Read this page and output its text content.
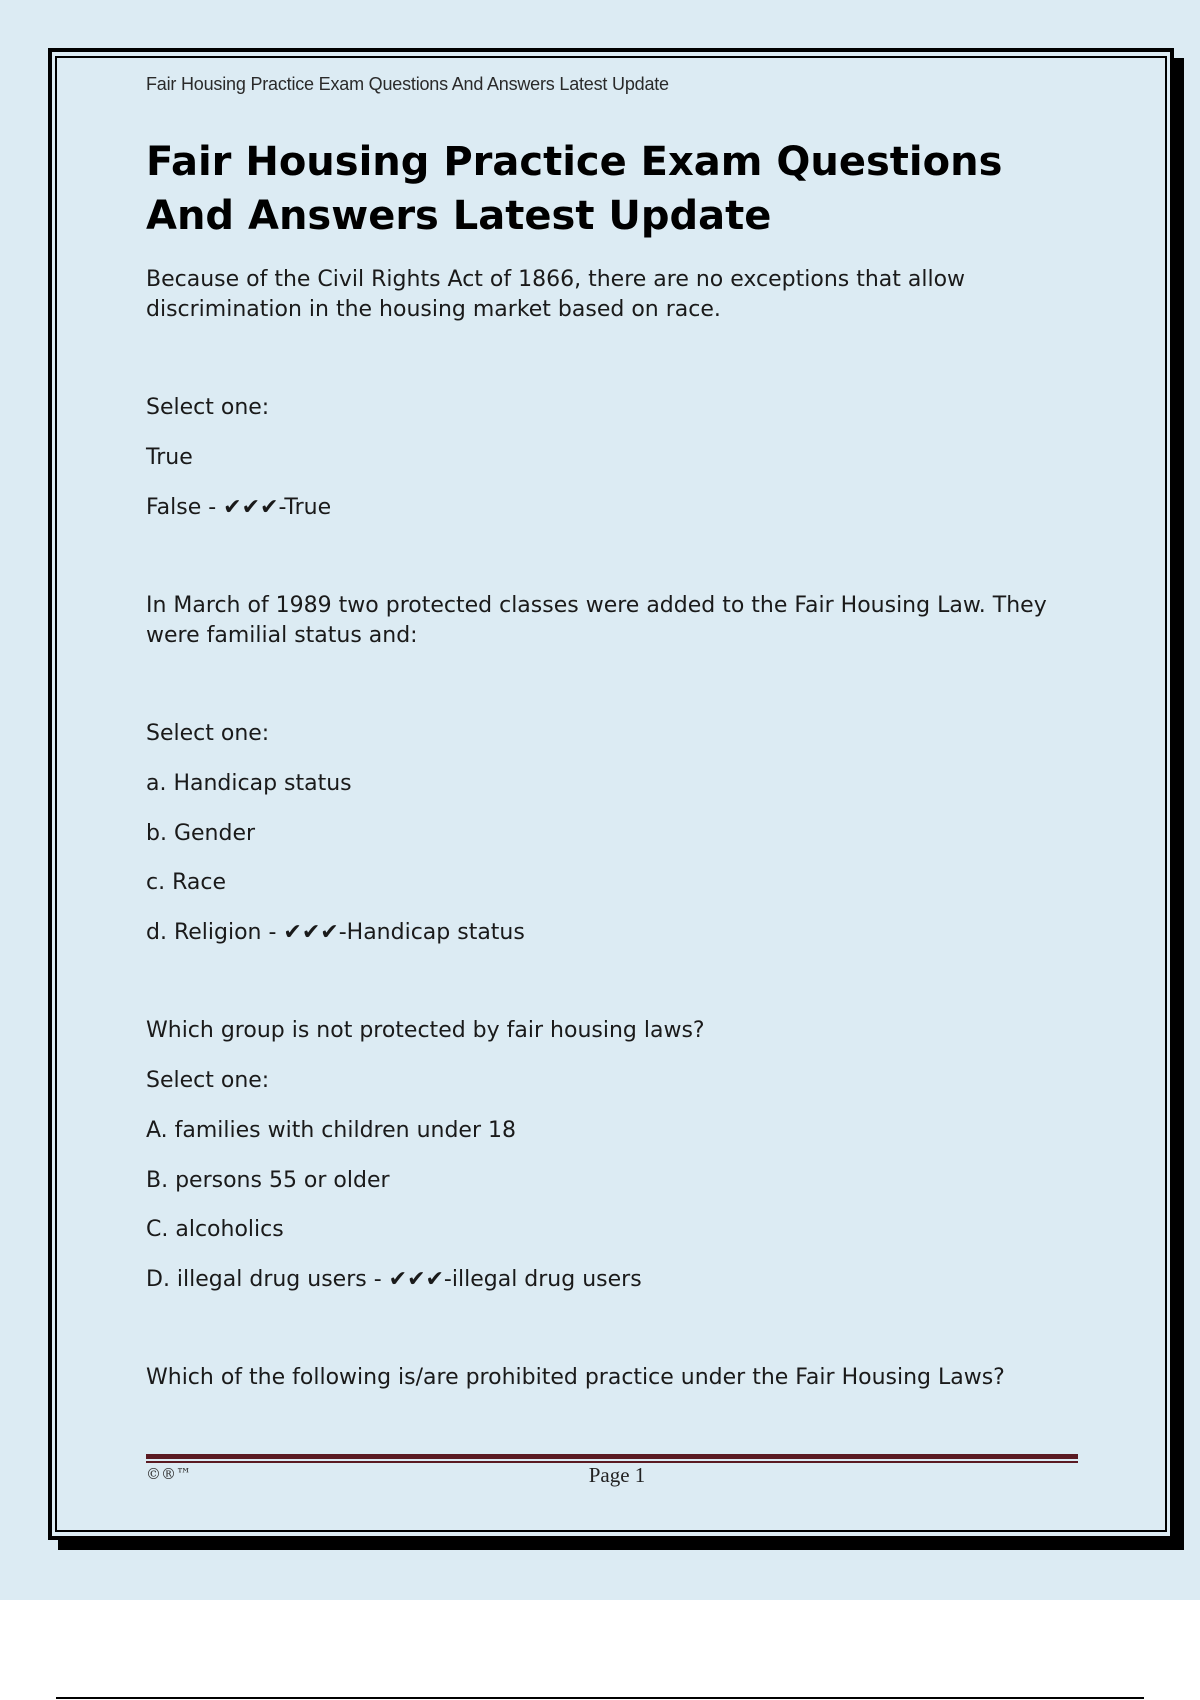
Fair Housing Practice Exam Questions And Answers Latest Update
Fair Housing Practice Exam Questions
And Answers Latest Update

Because of the Civil Rights Act of 1866, there are no exceptions that allow
discrimination in the housing market based on race.

Select one:

True

False - ✔✔✔-True

In March of 1989 two protected classes were added to the Fair Housing Law. They
were familial status and:

Select one:

a. Handicap status

b. Gender

c. Race

d. Religion - ✔✔✔-Handicap status

Which group is not protected by fair housing laws?

Select one:

A. families with children under 18

B. persons 55 or older

C. alcoholics

D. illegal drug users - ✔✔✔-illegal drug users

Which of the following is/are prohibited practice under the Fair Housing Laws?

©®™	Page 1
